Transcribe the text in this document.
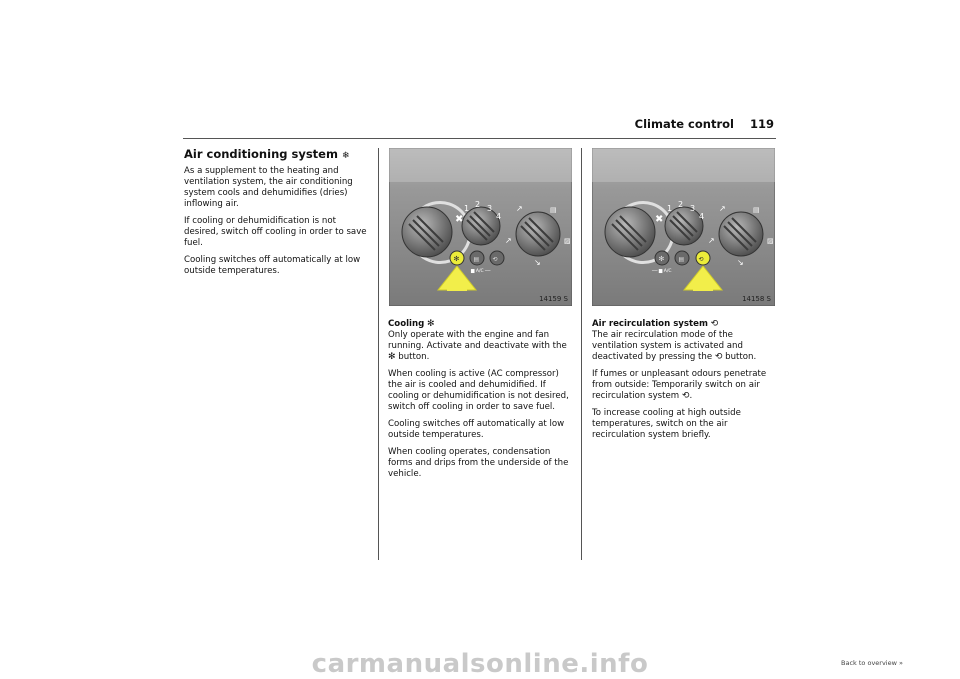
Climate control 119
Air conditioning system ❄

As a supplement to the heating and ventilation system, the air conditioning system cools and dehumidifies (dries) inflowing air.

If cooling or dehumidification is not desired, switch off cooling in order to save fuel.

Cooling switches off automatically at low outside temperatures.

✖
1 2 3
4
↗	▤
↗	▨
↘
✻ ▤ ⟲
▆ A/C ──
14159 S
✖
1 2 3
4
↗	▤
↗	▨
↘
✻ ▤ ⟲
── ▆ A/C
14158 S
Cooling ✻

Only operate with the engine and fan running. Activate and deactivate with the ✻ button.

When cooling is active (AC compressor) the air is cooled and dehumidified. If cooling or dehumidification is not desired, switch off cooling in order to save fuel.

Cooling switches off automatically at low outside temperatures.

When cooling operates, condensation forms and drips from the underside of the vehicle.

Air recirculation system ⟲

The air recirculation mode of the ventilation system is activated and deactivated by pressing the ⟲ button.

If fumes or unpleasant odours penetrate from outside: Temporarily switch on air recirculation system ⟲.

To increase cooling at high outside temperatures, switch on the air recirculation system briefly.

Back to overview »
carmanualsonline.info
